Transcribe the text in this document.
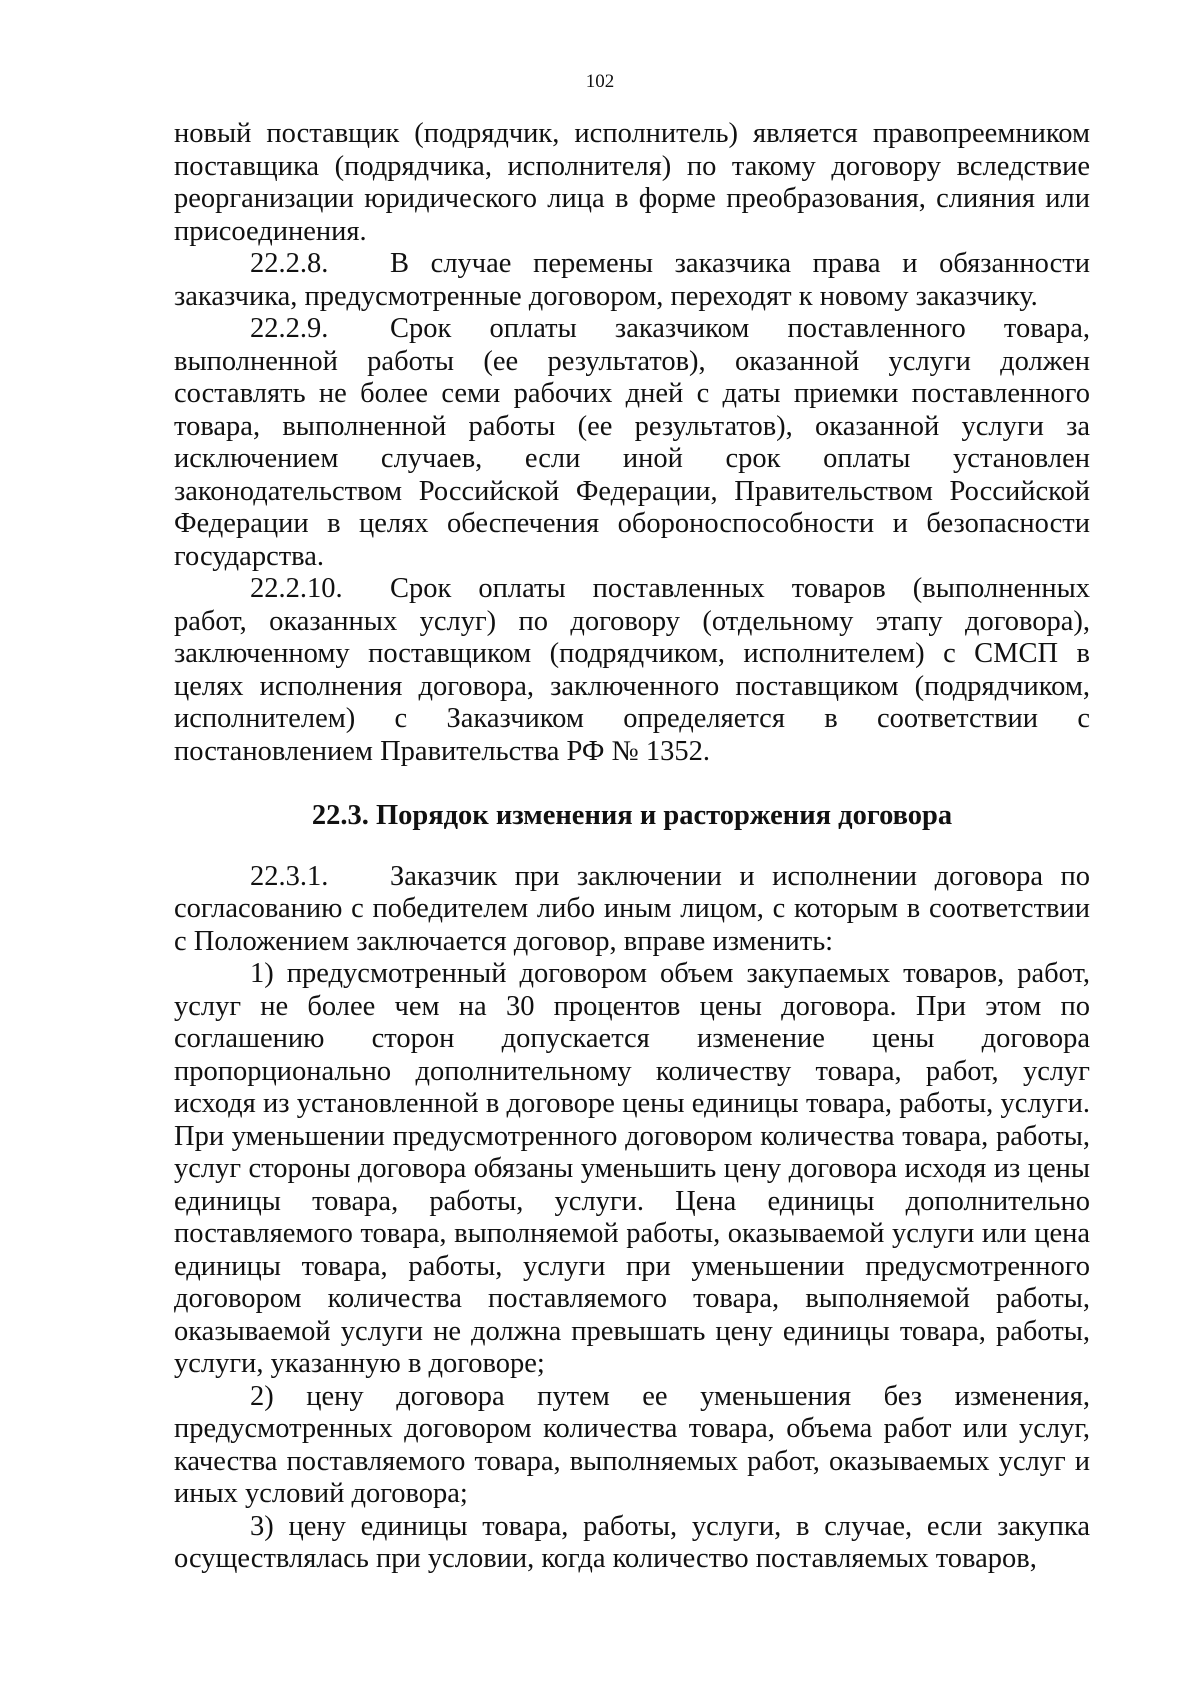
102

новый поставщик (подрядчик, исполнитель) является правопреемником поставщика (подрядчика, исполнителя) по такому договору вследствие реорганизации юридического лица в форме преобразования, слияния или присоединения.

22.2.8. В случае перемены заказчика права и обязанности заказчика, предусмотренные договором, переходят к новому заказчику.

22.2.9. Срок оплаты заказчиком поставленного товара, выполненной работы (ее результатов), оказанной услуги должен составлять не более семи рабочих дней с даты приемки поставленного товара, выполненной работы (ее результатов), оказанной услуги за исключением случаев, если иной срок оплаты установлен законодательством Российской Федерации, Правительством Российской Федерации в целях обеспечения обороноспособности и безопасности государства.

22.2.10. Срок оплаты поставленных товаров (выполненных работ, оказанных услуг) по договору (отдельному этапу договора), заключенному поставщиком (подрядчиком, исполнителем) с СМСП в целях исполнения договора, заключенного поставщиком (подрядчиком, исполнителем) с Заказчиком определяется в соответствии с постановлением Правительства РФ № 1352.

22.3. Порядок изменения и расторжения договора

22.3.1. Заказчик при заключении и исполнении договора по согласованию с победителем либо иным лицом, с которым в соответствии с Положением заключается договор, вправе изменить:

1) предусмотренный договором объем закупаемых товаров, работ, услуг не более чем на 30 процентов цены договора. При этом по соглашению сторон допускается изменение цены договора пропорционально дополнительному количеству товара, работ, услуг исходя из установленной в договоре цены единицы товара, работы, услуги. При уменьшении предусмотренного договором количества товара, работы, услуг стороны договора обязаны уменьшить цену договора исходя из цены единицы товара, работы, услуги. Цена единицы дополнительно поставляемого товара, выполняемой работы, оказываемой услуги или цена единицы товара, работы, услуги при уменьшении предусмотренного договором количества поставляемого товара, выполняемой работы, оказываемой услуги не должна превышать цену единицы товара, работы, услуги, указанную в договоре;

2) цену договора путем ее уменьшения без изменения, предусмотренных договором количества товара, объема работ или услуг, качества поставляемого товара, выполняемых работ, оказываемых услуг и иных условий договора;

3) цену единицы товара, работы, услуги, в случае, если закупка осуществлялась при условии, когда количество поставляемых товаров,
